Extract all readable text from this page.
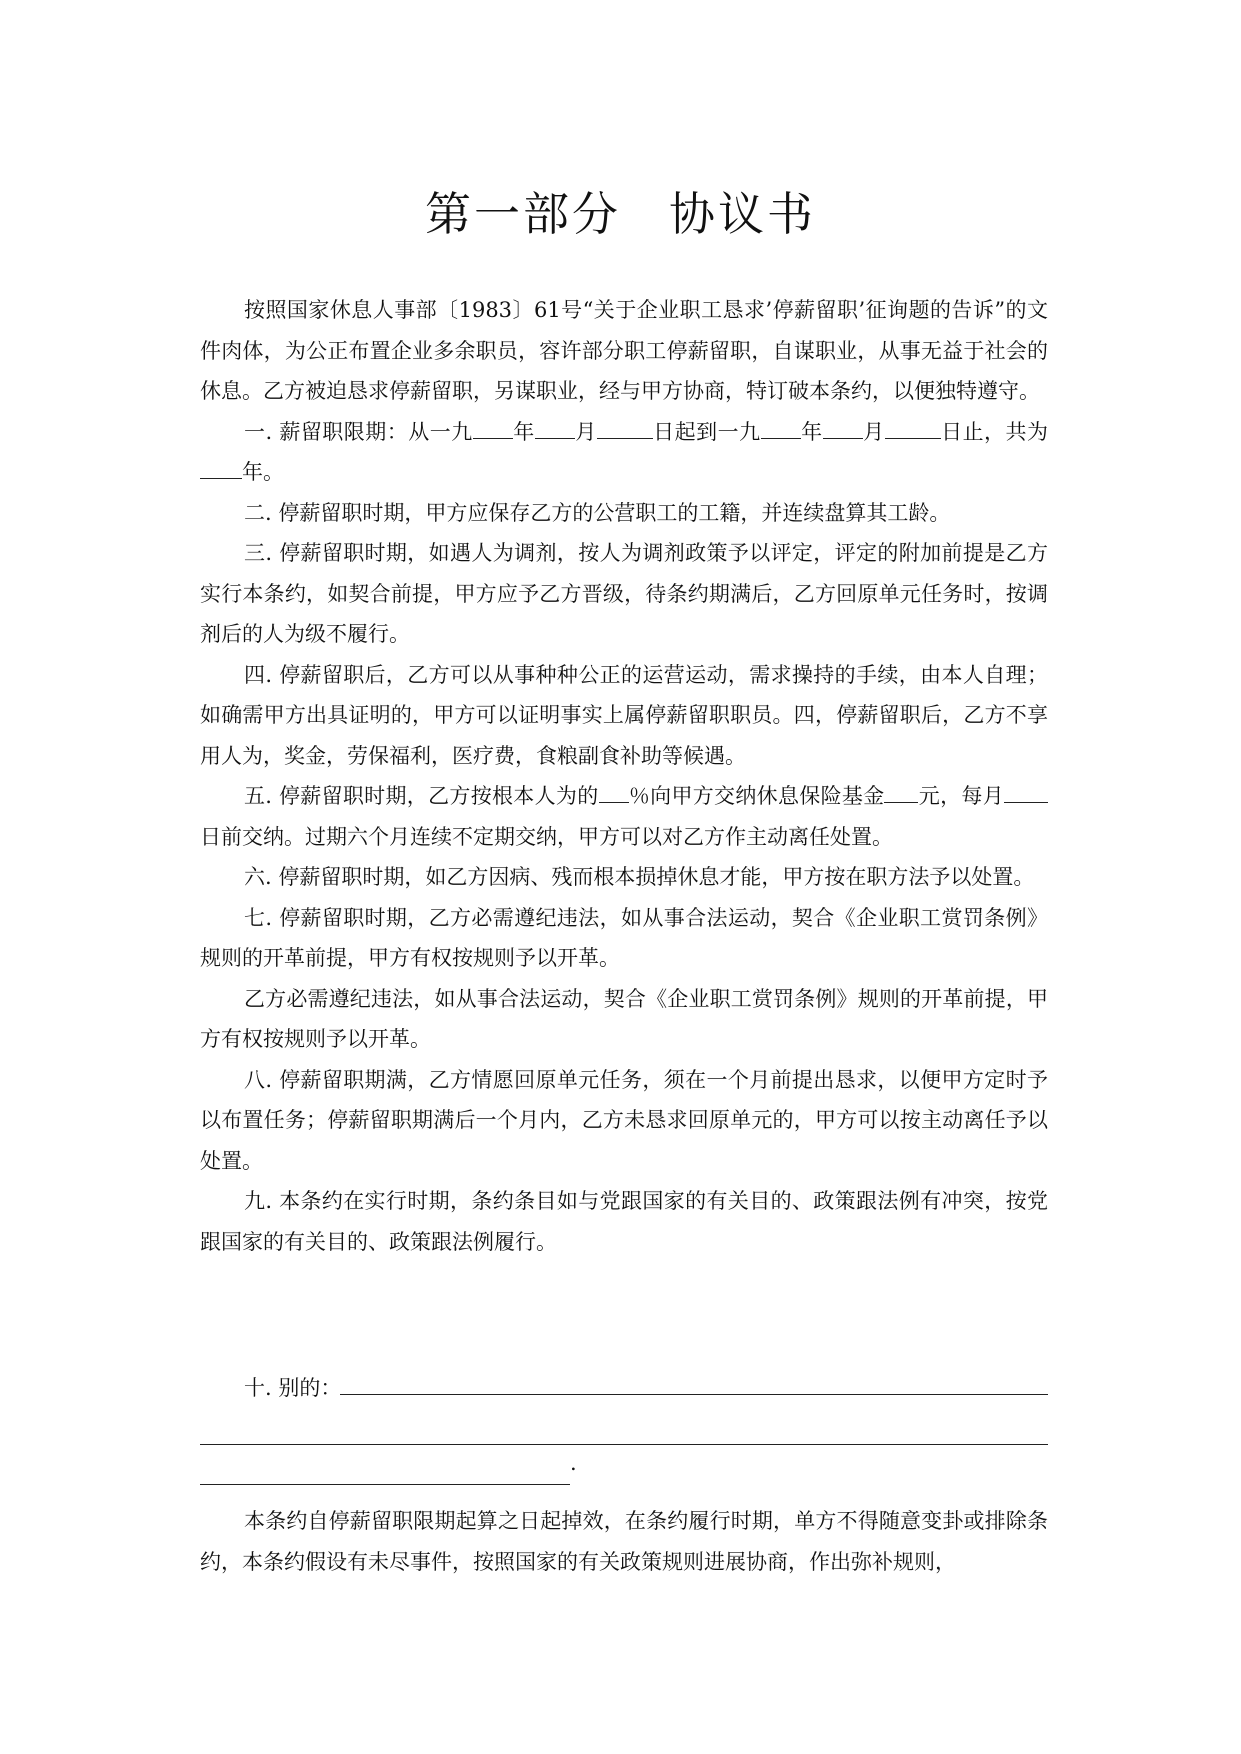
第一部分 协议书

按照国家休息人事部〔1983〕61号“关于企业职工恳求’停薪留职’征询题的告诉”的文件肉体，为公正布置企业多余职员，容许部分职工停薪留职，自谋职业，从事无益于社会的休息。乙方被迫恳求停薪留职，另谋职业，经与甲方协商，特订破本条约，以便独特遵守。

一. 薪留职限期：从一九 年 月	日起到一九 年 月	日止，共为年。

二. 停薪留职时期，甲方应保存乙方的公营职工的工籍，并连续盘算其工龄。

三. 停薪留职时期，如遇人为调剂，按人为调剂政策予以评定，评定的附加前提是乙方实行本条约，如契合前提，甲方应予乙方晋级，待条约期满后，乙方回原单元任务时，按调剂后的人为级不履行。

四. 停薪留职后，乙方可以从事种种公正的运营运动，需求操持的手续，由本人自理；如确需甲方出具证明的，甲方可以证明事实上属停薪留职职员。四，停薪留职后，乙方不享用人为，奖金，劳保福利，医疗费，食粮副食补助等候遇。

五. 停薪留职时期，乙方按根本人为的 ％向甲方交纳休息保险基金 元，每月日前交纳。过期六个月连续不定期交纳，甲方可以对乙方作主动离任处置。

六. 停薪留职时期，如乙方因病、残而根本损掉休息才能，甲方按在职方法予以处置。

七. 停薪留职时期，乙方必需遵纪违法，如从事合法运动，契合《企业职工赏罚条例》规则的开革前提，甲方有权按规则予以开革。

乙方必需遵纪违法，如从事合法运动，契合《企业职工赏罚条例》规则的开革前提，甲方有权按规则予以开革。

八. 停薪留职期满，乙方情愿回原单元任务，须在一个月前提出恳求，以便甲方定时予以布置任务；停薪留职期满后一个月内，乙方未恳求回原单元的，甲方可以按主动离任予以处置。

九. 本条约在实行时期，条约条目如与党跟国家的有关目的、政策跟法例有冲突，按党跟国家的有关目的、政策跟法例履行。

十. 别的：
.

本条约自停薪留职限期起算之日起掉效，在条约履行时期，单方不得随意变卦或排除条约，本条约假设有未尽事件，按照国家的有关政策规则进展协商，作出弥补规则，
